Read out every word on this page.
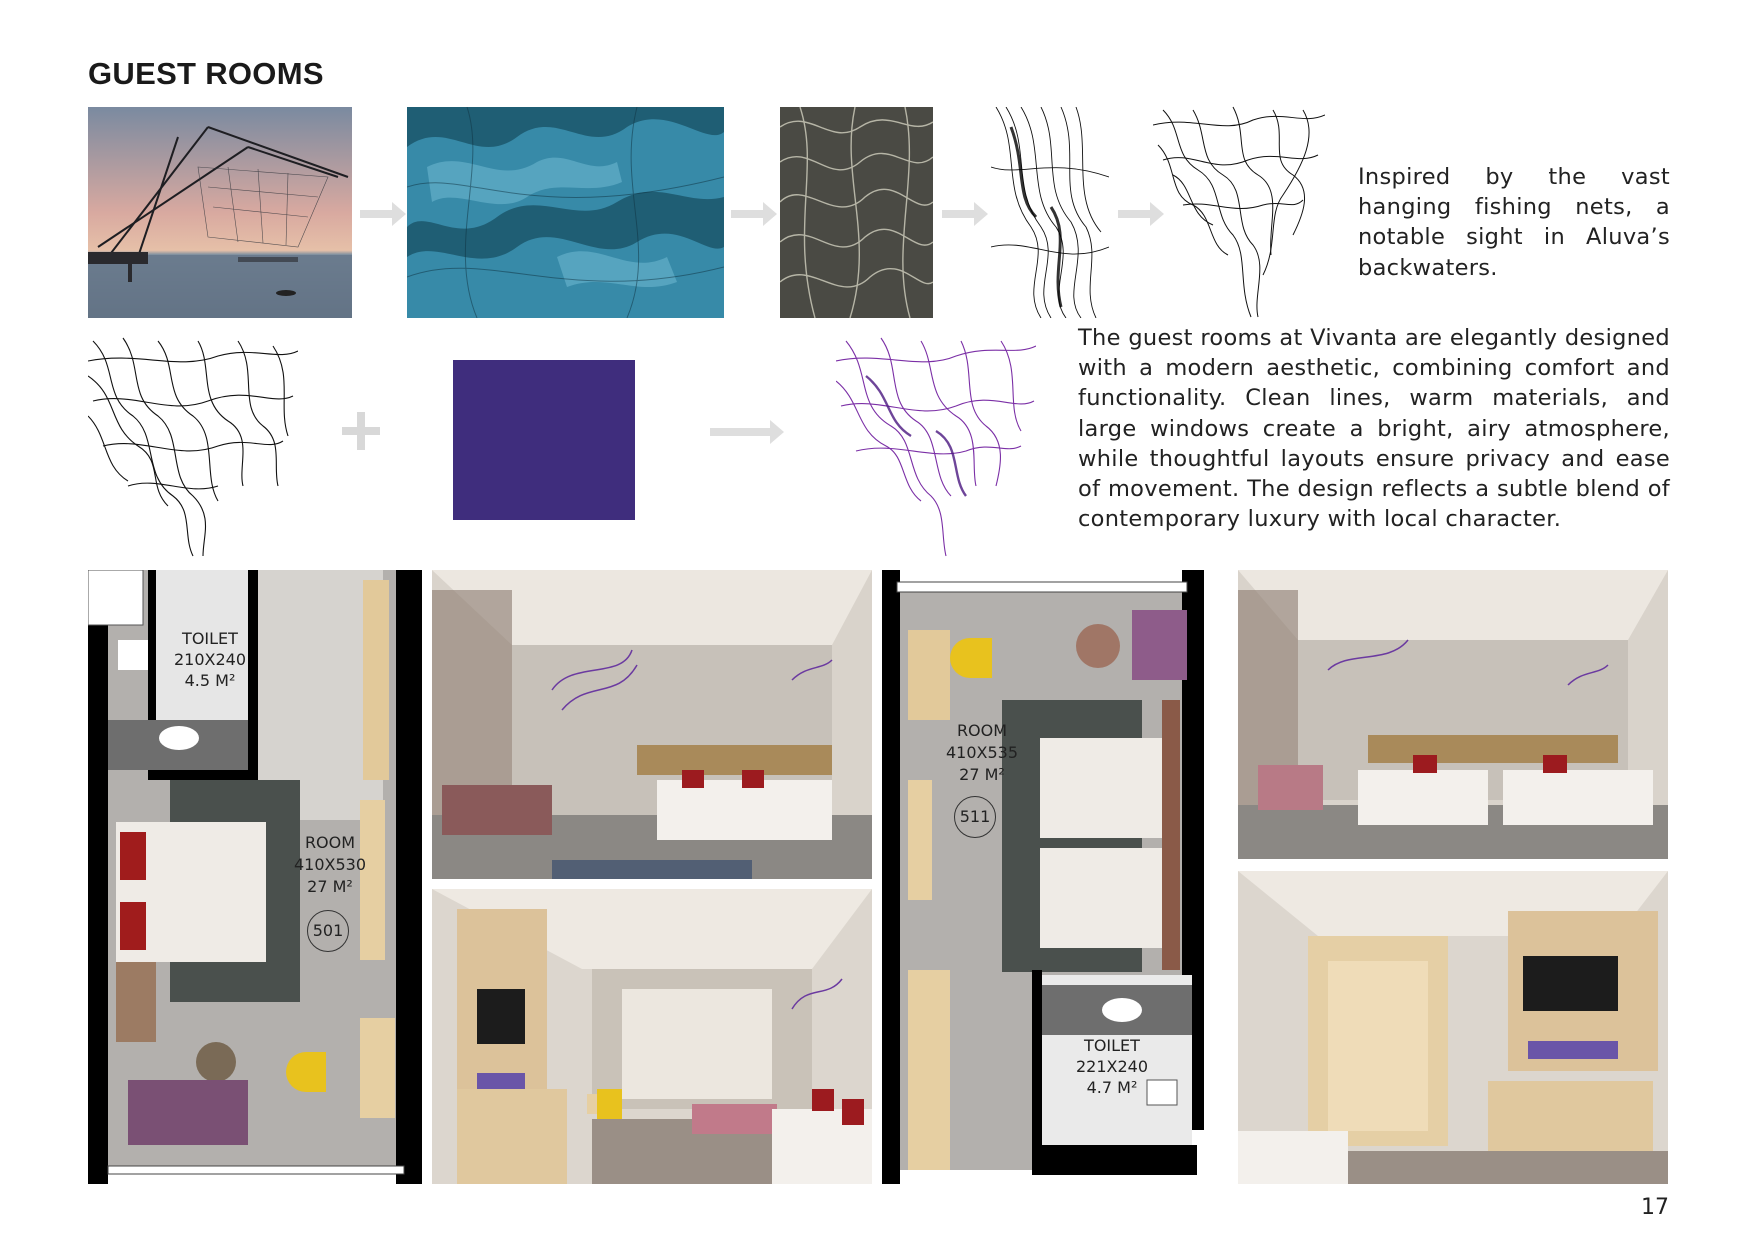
GUEST ROOMS
Inspired by the vast hanging fishing nets, a notable sight in Aluva’s backwaters.
The guest rooms at Vivanta are elegantly designed with a modern aesthetic, combining comfort and functionality. Clean lines, warm materials, and large windows create a bright, airy atmosphere, while thoughtful layouts ensure privacy and ease of movement. The design reflects a subtle blend of contemporary luxury with local character.
TOILET
210X240
4.5 M²
ROOM
410X530
27 M²
501
ROOM
410X535
27 M²
511
TOILET
221X240
4.7 M²
17
